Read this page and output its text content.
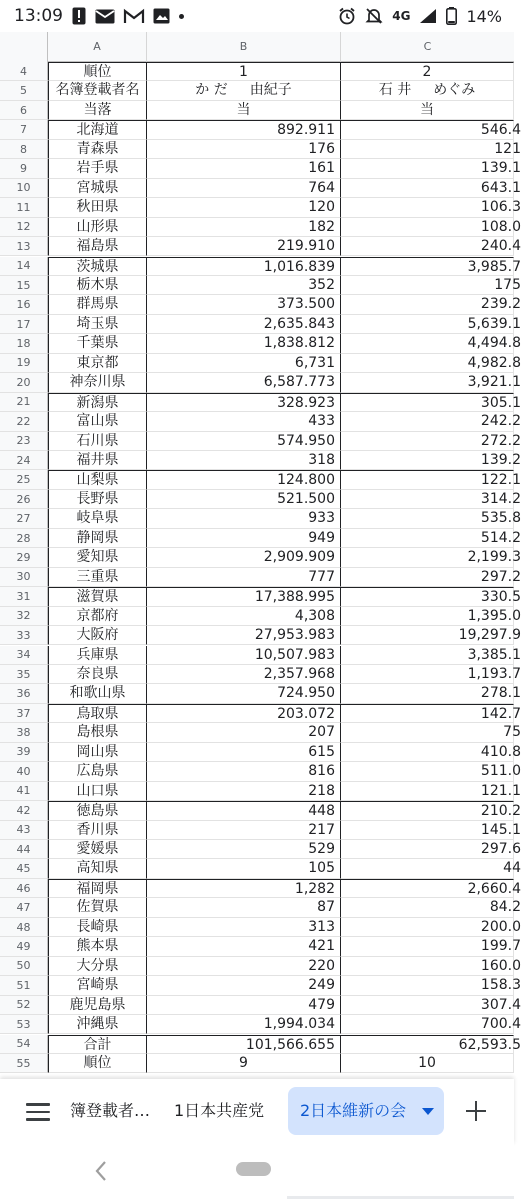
13:09	4G	14%
A	B	C
4	順位	1	2
5	名簿登載者名	か だ 由紀子	石 井 めぐみ
6	当落	当	当
7	北海道	892.911	546.4
8	青森県	176	121
9	岩手県	161	139.1
10	宮城県	764	643.1
11	秋田県	120	106.3
12	山形県	182	108.0
13	福島県	219.910	240.4
14	茨城県	1,016.839	3,985.7
15	栃木県	352	175
16	群馬県	373.500	239.2
17	埼玉県	2,635.843	5,639.1
18	千葉県	1,838.812	4,494.8
19	東京都	6,731	4,982.8
20	神奈川県	6,587.773	3,921.1
21	新潟県	328.923	305.1
22	富山県	433	242.2
23	石川県	574.950	272.2
24	福井県	318	139.2
25	山梨県	124.800	122.1
26	長野県	521.500	314.2
27	岐阜県	933	535.8
28	静岡県	949	514.2
29	愛知県	2,909.909	2,199.3
30	三重県	777	297.2
31	滋賀県	17,388.995	330.5
32	京都府	4,308	1,395.0
33	大阪府	27,953.983	19,297.9
34	兵庫県	10,507.983	3,385.1
35	奈良県	2,357.968	1,193.7
36	和歌山県	724.950	278.1
37	鳥取県	203.072	142.7
38	島根県	207	75
39	岡山県	615	410.8
40	広島県	816	511.0
41	山口県	218	121.1
42	徳島県	448	210.2
43	香川県	217	145.1
44	愛媛県	529	297.6
45	高知県	105	44
46	福岡県	1,282	2,660.4
47	佐賀県	87	84.2
48	長崎県	313	200.0
49	熊本県	421	199.7
50	大分県	220	160.0
51	宮崎県	249	158.3
52	鹿児島県	479	307.4
53	沖縄県	1,994.034	700.4
54	合計	101,566.655	62,593.5
55	順位	9	10
簿登載者… 1日本共産党	2日本維新の会
